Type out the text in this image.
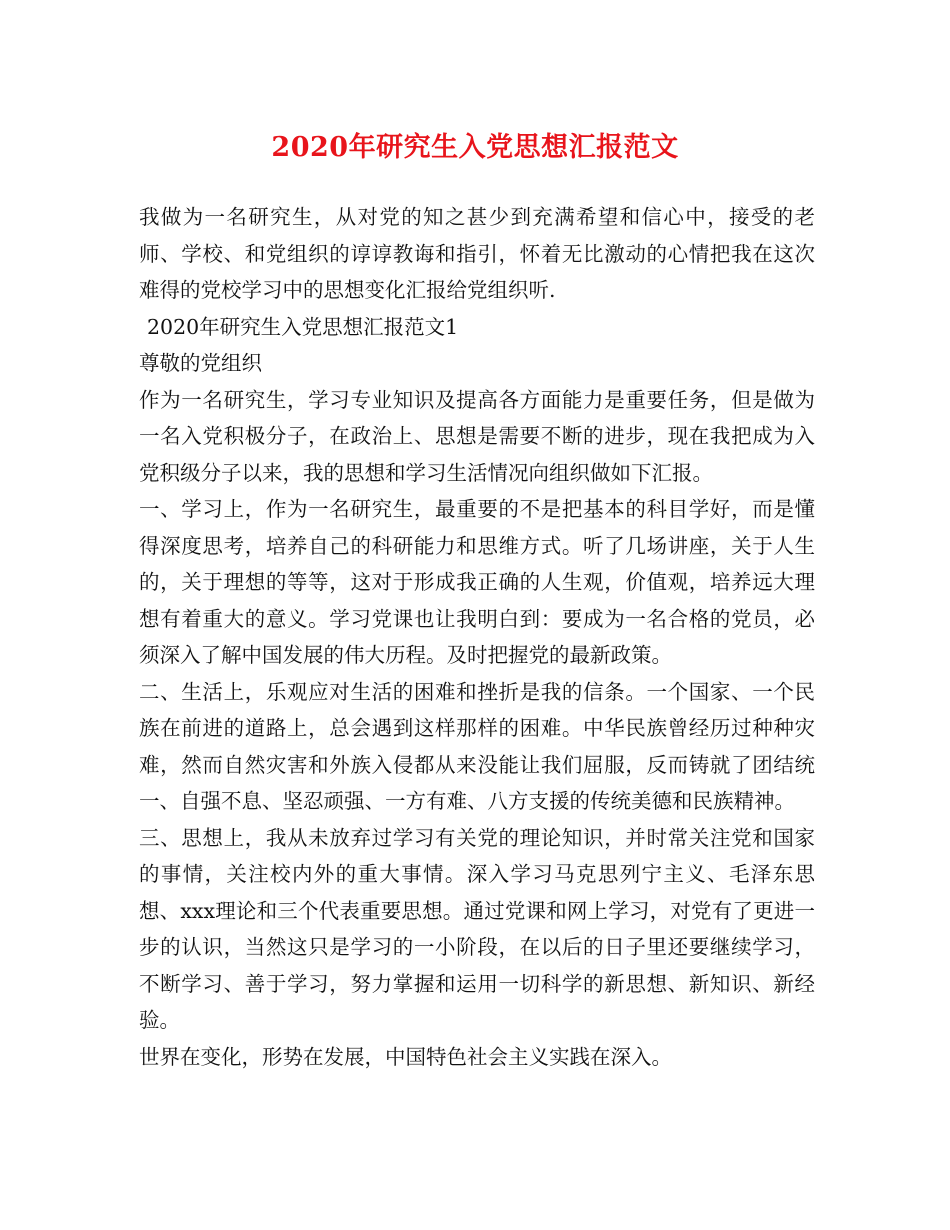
2020年研究生入党思想汇报范文

我做为一名研究生，从对党的知之甚少到充满希望和信心中，接受的老师、学校、和党组织的谆谆教诲和指引，怀着无比激动的心情把我在这次难得的党校学习中的思想变化汇报给党组织听.

2020年研究生入党思想汇报范文1

尊敬的党组织

作为一名研究生，学习专业知识及提高各方面能力是重要任务，但是做为一名入党积极分子，在政治上、思想是需要不断的进步，现在我把成为入党积级分子以来，我的思想和学习生活情况向组织做如下汇报。

一、学习上，作为一名研究生，最重要的不是把基本的科目学好，而是懂得深度思考，培养自己的科研能力和思维方式。听了几场讲座，关于人生的，关于理想的等等，这对于形成我正确的人生观，价值观，培养远大理想有着重大的意义。学习党课也让我明白到：要成为一名合格的党员，必须深入了解中国发展的伟大历程。及时把握党的最新政策。

二、生活上，乐观应对生活的困难和挫折是我的信条。一个国家、一个民族在前进的道路上，总会遇到这样那样的困难。中华民族曾经历过种种灾难，然而自然灾害和外族入侵都从来没能让我们屈服，反而铸就了团结统一、自强不息、坚忍顽强、一方有难、八方支援的传统美德和民族精神。

三、思想上，我从未放弃过学习有关党的理论知识，并时常关注党和国家的事情，关注校内外的重大事情。深入学习马克思列宁主义、毛泽东思想、xxx理论和三个代表重要思想。通过党课和网上学习，对党有了更进一步的认识，当然这只是学习的一小阶段，在以后的日子里还要继续学习，不断学习、善于学习，努力掌握和运用一切科学的新思想、新知识、新经验。

世界在变化，形势在发展，中国特色社会主义实践在深入。
